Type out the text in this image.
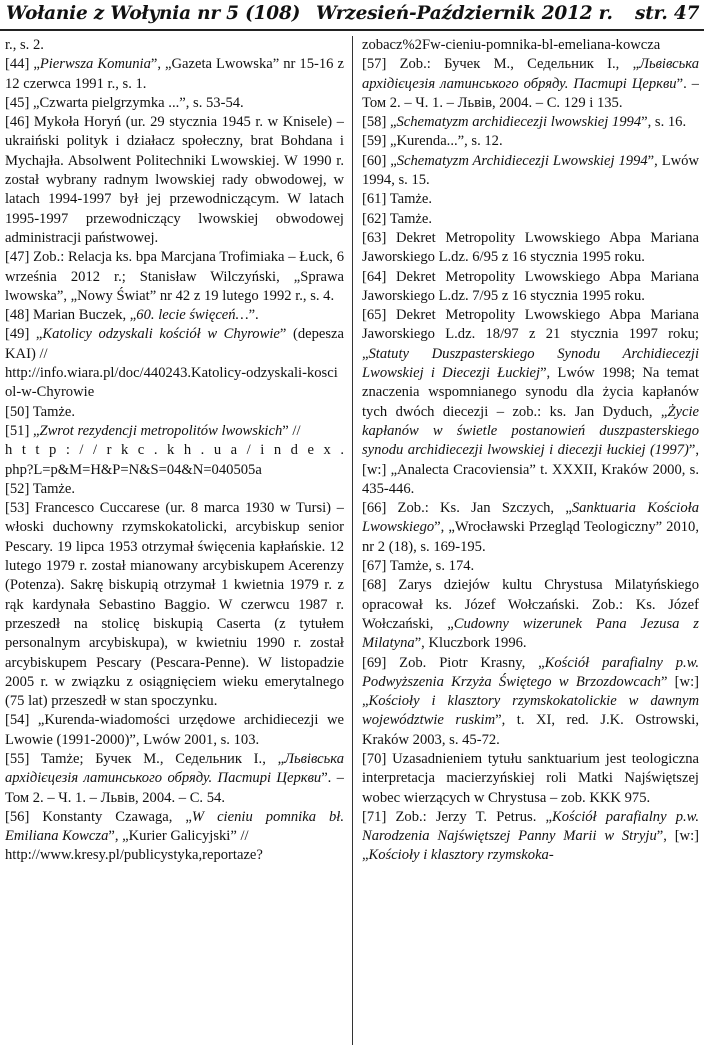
Wołanie z Wołynia nr 5 (108) Wrzesień-Październik 2012 r. str. 47

r., s. 2.

[44] „Pierwsza Komunia”, „Gazeta Lwowska” nr 15-16 z 12 czerwca 1991 r., s. 1.

[45] „Czwarta pielgrzymka ...”, s. 53-54.

[46] Mykoła Horyń (ur. 29 stycznia 1945 r. w Knisele) – ukraiński polityk i działacz społeczny, brat Bohdana i Mychajła. Absolwent Politechniki Lwowskiej. W 1990 r. został wybrany radnym lwowskiej rady obwodowej, w latach 1994-1997 był jej przewodniczącym. W latach 1995-1997 przewodniczący lwowskiej obwodowej administracji państwowej.

[47] Zob.: Relacja ks. bpa Marcjana Trofimiaka – Łuck, 6 września 2012 r.; Stanisław Wilczyński, „Sprawa lwowska”, „Nowy Świat” nr 42 z 19 lutego 1992 r., s. 4.

[48] Marian Buczek, „60. lecie święceń…”.

[49] „Katolicy odzyskali kościół w Chyrowie” (depesza KAI) //

http://info.wiara.pl/doc/440243.Katolicy-odzyskali-kosciol-w-Chyrowie

[50] Tamże.

[51] „Zwrot rezydencji metropolitów lwowskich” //

h t t p : / / r k c . k h . u a / i n d e x .

php?L=p&M=H&P=N&S=04&N=040505a

[52] Tamże.

[53] Francesco Cuccarese (ur. 8 marca 1930 w Tursi) – włoski duchowny rzymskokatolicki, arcybiskup senior Pescary. 19 lipca 1953 otrzymał święcenia kapłańskie. 12 lutego 1979 r. został mianowany arcybiskupem Acerenzy (Potenza). Sakrę biskupią otrzymał 1 kwietnia 1979 r. z rąk kardynała Sebastino Baggio. W czerwcu 1987 r. przeszedł na stolicę biskupią Caserta (z tytułem personalnym arcybiskupa), w kwietniu 1990 r. został arcybiskupem Pescary (Pescara-Penne). W listopadzie 2005 r. w związku z osiągnięciem wieku emerytalnego (75 lat) przeszedł w stan spoczynku.

[54] „Kurenda-wiadomości urzędowe archidiecezji we Lwowie (1991-2000)”, Lwów 2001, s. 103.

[55] Tamże; Бучек М., Седельник І., „Львівська архідієцезія латинського обряду. Пастирі Церкви”. – Том 2. – Ч. 1. – Львів, 2004. – С. 54.

[56] Konstanty Czawaga, „W cieniu pomnika bł. Emiliana Kowcza”, „Kurier Galicyjski” //

http://www.kresy.pl/publicystyka,reportaze?

zobacz%2Fw-cieniu-pomnika-bl-emeliana-kowcza

[57] Zob.: Бучек М., Седельник І., „Львівська архідієцезія латинського обряду. Пастирі Церкви”. – Том 2. – Ч. 1. – Львів, 2004. – С. 129 і 135.

[58] „Schematyzm archidiecezji lwowskiej 1994”, s. 16.

[59] „Kurenda...”, s. 12.

[60] „Schematyzm Archidiecezji Lwowskiej 1994”, Lwów 1994, s. 15.

[61] Tamże.

[62] Tamże.

[63] Dekret Metropolity Lwowskiego Abpa Mariana Jaworskiego L.dz. 6/95 z 16 stycznia 1995 roku.

[64] Dekret Metropolity Lwowskiego Abpa Mariana Jaworskiego L.dz. 7/95 z 16 stycznia 1995 roku.

[65] Dekret Metropolity Lwowskiego Abpa Mariana Jaworskiego L.dz. 18/97 z 21 stycznia 1997 roku; „Statuty Duszpasterskiego Synodu Archidiecezji Lwowskiej i Diecezji Łuckiej”, Lwów 1998; Na temat znaczenia wspomnianego synodu dla życia kapłanów tych dwóch diecezji – zob.: ks. Jan Dyduch, „Życie kapłanów w świetle postanowień duszpasterskiego synodu archidiecezji lwowskiej i diecezji łuckiej (1997)”, [w:] „Analecta Cracoviensia” t. XXXII, Kraków 2000, s. 435-446.

[66] Zob.: Ks. Jan Szczych, „Sanktuaria Kościoła Lwowskiego”, „Wrocławski Przegląd Teologiczny” 2010, nr 2 (18), s. 169-195.

[67] Tamże, s. 174.

[68] Zarys dziejów kultu Chrystusa Milatyńskiego opracował ks. Józef Wołczański. Zob.: Ks. Józef Wołczański, „Cudowny wizerunek Pana Jezusa z Milatyna”, Kluczbork 1996.

[69] Zob. Piotr Krasny, „Kościół parafialny p.w. Podwyższenia Krzyża Świętego w Brzozdowcach” [w:] „Kościoły i klasztory rzymskokatolickie w dawnym województwie ruskim”, t. XI, red. J.K. Ostrowski, Kraków 2003, s. 45-72.

[70] Uzasadnieniem tytułu sanktuarium jest teologiczna interpretacja macierzyńskiej roli Matki Najświętszej wobec wierzących w Chrystusa – zob. KKK 975.

[71] Zob.: Jerzy T. Petrus. „Kościół parafialny p.w. Narodzenia Najświętszej Panny Marii w Stryju”, [w:] „Kościoły i klasztory rzymskoka-
